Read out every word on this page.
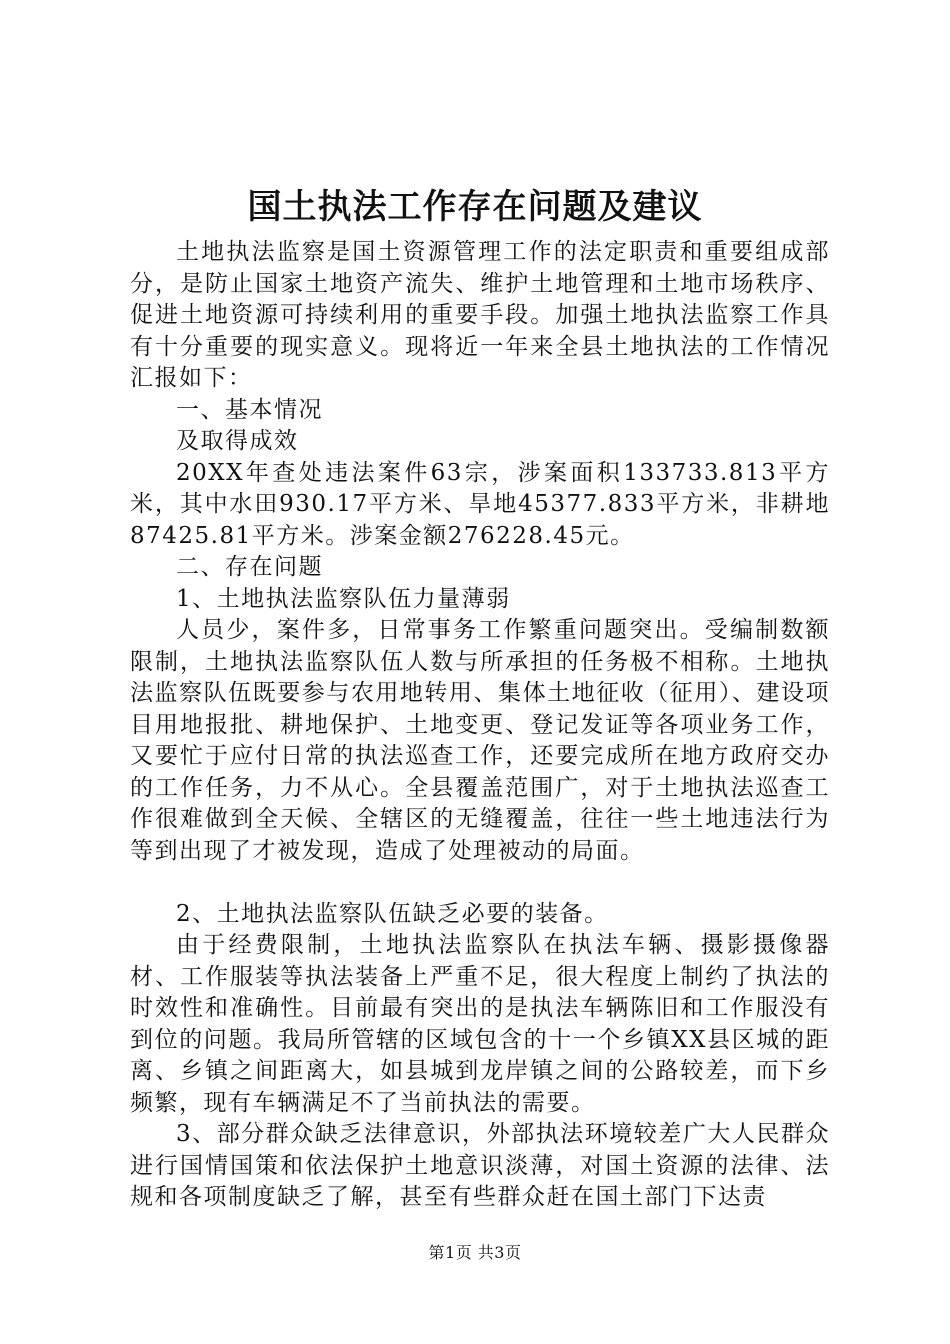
国土执法工作存在问题及建议

土地执法监察是国土资源管理工作的法定职责和重要组成部分，是防止国家土地资产流失、维护土地管理和土地市场秩序、促进土地资源可持续利用的重要手段。加强土地执法监察工作具有十分重要的现实意义。现将近一年来全县土地执法的工作情况汇报如下：

一、基本情况

及取得成效

20XX年查处违法案件63宗，涉案面积133733.813平方米，其中水田930.17平方米、旱地45377.833平方米，非耕地87425.81平方米。涉案金额276228.45元。

二、存在问题

1、土地执法监察队伍力量薄弱

人员少，案件多，日常事务工作繁重问题突出。受编制数额限制，土地执法监察队伍人数与所承担的任务极不相称。土地执法监察队伍既要参与农用地转用、集体土地征收（征用）、建设项目用地报批、耕地保护、土地变更、登记发证等各项业务工作，又要忙于应付日常的执法巡查工作，还要完成所在地方政府交办的工作任务，力不从心。全县覆盖范围广，对于土地执法巡查工作很难做到全天候、全辖区的无缝覆盖，往往一些土地违法行为等到出现了才被发现，造成了处理被动的局面。

2、土地执法监察队伍缺乏必要的装备。

由于经费限制，土地执法监察队在执法车辆、摄影摄像器材、工作服装等执法装备上严重不足，很大程度上制约了执法的时效性和准确性。目前最有突出的是执法车辆陈旧和工作服没有到位的问题。我局所管辖的区域包含的十一个乡镇XX县区城的距离、乡镇之间距离大，如县城到龙岸镇之间的公路较差，而下乡频繁，现有车辆满足不了当前执法的需要。

3、部分群众缺乏法律意识，外部执法环境较差广大人民群众进行国情国策和依法保护土地意识淡薄，对国土资源的法律、法规和各项制度缺乏了解，甚至有些群众赶在国土部门下达责

第1页 共3页
